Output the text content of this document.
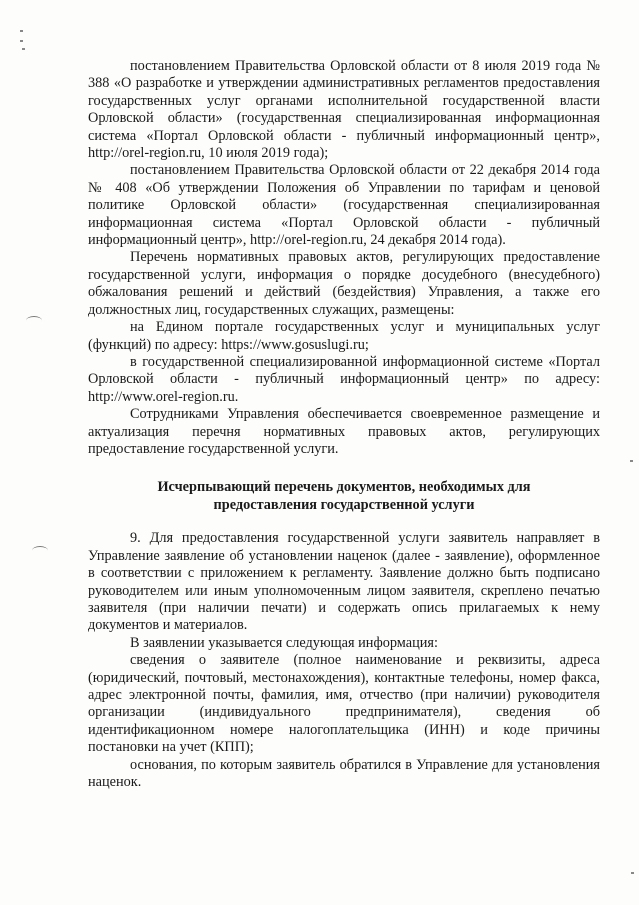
постановлением Правительства Орловской области от 8 июля 2019 года № 388 «О разработке и утверждении административных регламентов предоставления государственных услуг органами исполнительной государственной власти Орловской области» (государственная специализированная информационная система «Портал Орловской области - публичный информационный центр», http://orel-region.ru, 10 июля 2019 года);

постановлением Правительства Орловской области от 22 декабря 2014 года № 408 «Об утверждении Положения об Управлении по тарифам и ценовой политике Орловской области» (государственная специализированная информационная система «Портал Орловской области - публичный информационный центр», http://orel-region.ru, 24 декабря 2014 года).

Перечень нормативных правовых актов, регулирующих предоставление государственной услуги, информация о порядке досудебного (внесудебного) обжалования решений и действий (бездействия) Управления, а также его должностных лиц, государственных служащих, размещены:

на Едином портале государственных услуг и муниципальных услуг (функций) по адресу: https://www.gosuslugi.ru;

в государственной специализированной информационной системе «Портал Орловской области - публичный информационный центр» по адресу: http://www.orel-region.ru.

Сотрудниками Управления обеспечивается своевременное размещение и актуализация перечня нормативных правовых актов, регулирующих предоставление государственной услуги.

Исчерпывающий перечень документов, необходимых для
предоставления государственной услуги

9. Для предоставления государственной услуги заявитель направляет в Управление заявление об установлении наценок (далее - заявление), оформленное в соответствии с приложением к регламенту. Заявление должно быть подписано руководителем или иным уполномоченным лицом заявителя, скреплено печатью заявителя (при наличии печати) и содержать опись прилагаемых к нему документов и материалов.

В заявлении указывается следующая информация:

сведения о заявителе (полное наименование и реквизиты, адреса (юридический, почтовый, местонахождения), контактные телефоны, номер факса, адрес электронной почты, фамилия, имя, отчество (при наличии) руководителя организации (индивидуального предпринимателя), сведения об идентификационном номере налогоплательщика (ИНН) и коде причины постановки на учет (КПП);

основания, по которым заявитель обратился в Управление для установления наценок.
